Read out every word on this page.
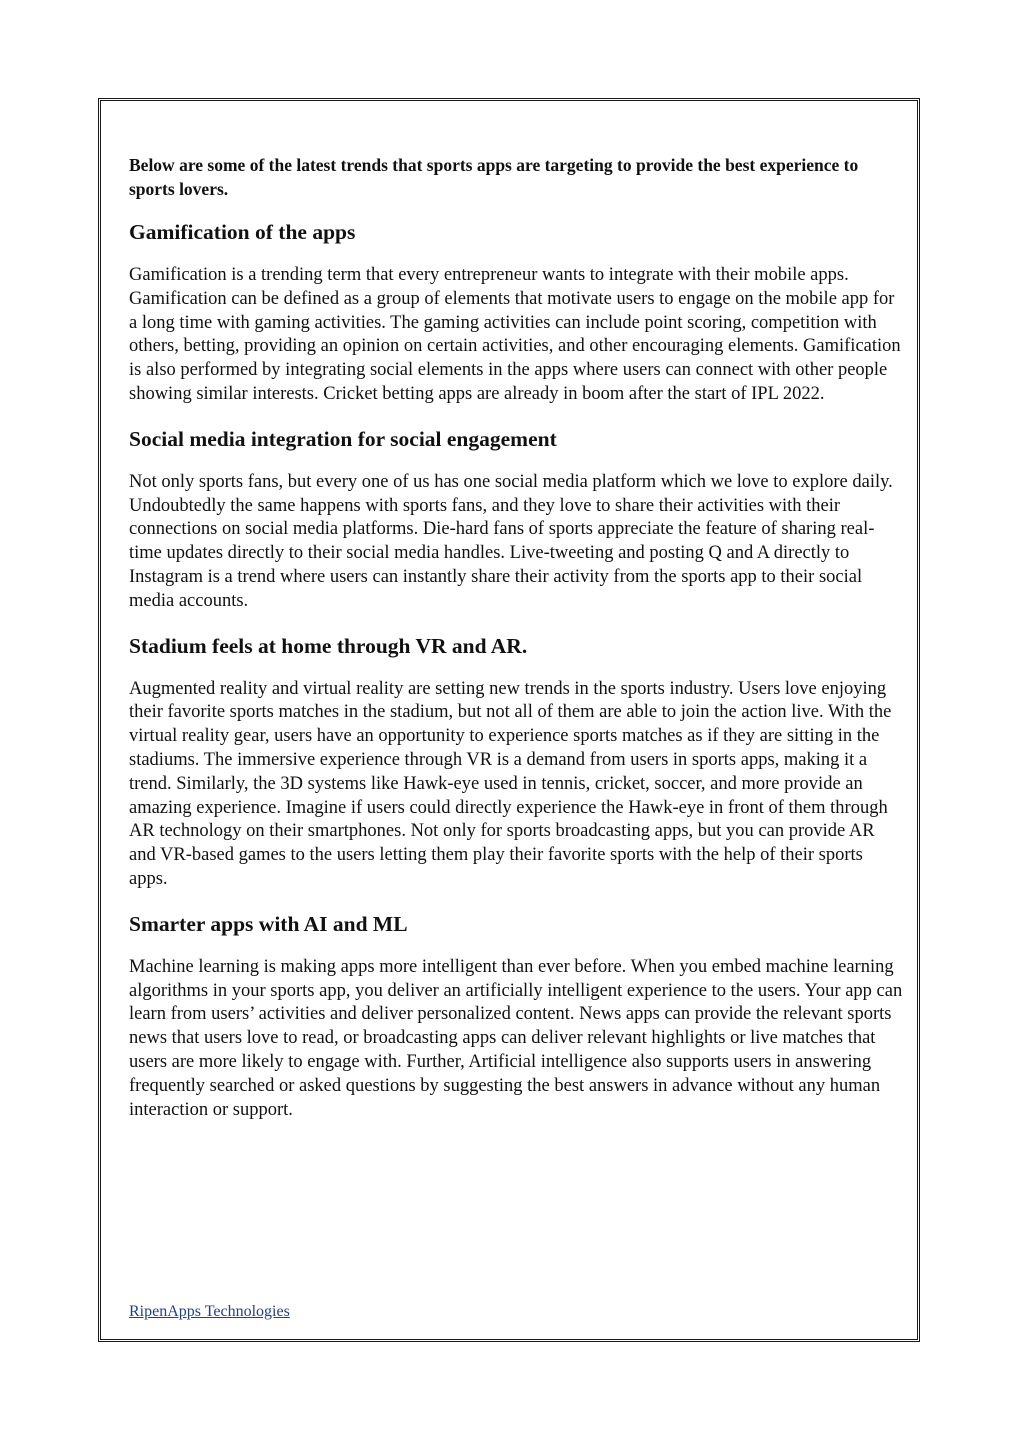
Below are some of the latest trends that sports apps are targeting to provide the best experience to sports lovers.

Gamification of the apps

Gamification is a trending term that every entrepreneur wants to integrate with their mobile apps. Gamification can be defined as a group of elements that motivate users to engage on the mobile app for a long time with gaming activities. The gaming activities can include point scoring, competition with others, betting, providing an opinion on certain activities, and other encouraging elements. Gamification is also performed by integrating social elements in the apps where users can connect with other people showing similar interests. Cricket betting apps are already in boom after the start of IPL 2022.

Social media integration for social engagement

Not only sports fans, but every one of us has one social media platform which we love to explore daily. Undoubtedly the same happens with sports fans, and they love to share their activities with their connections on social media platforms. Die-hard fans of sports appreciate the feature of sharing real-time updates directly to their social media handles. Live-tweeting and posting Q and A directly to Instagram is a trend where users can instantly share their activity from the sports app to their social media accounts.

Stadium feels at home through VR and AR.

Augmented reality and virtual reality are setting new trends in the sports industry. Users love enjoying their favorite sports matches in the stadium, but not all of them are able to join the action live. With the virtual reality gear, users have an opportunity to experience sports matches as if they are sitting in the stadiums. The immersive experience through VR is a demand from users in sports apps, making it a trend. Similarly, the 3D systems like Hawk-eye used in tennis, cricket, soccer, and more provide an amazing experience. Imagine if users could directly experience the Hawk-eye in front of them through AR technology on their smartphones. Not only for sports broadcasting apps, but you can provide AR and VR-based games to the users letting them play their favorite sports with the help of their sports apps.

Smarter apps with AI and ML

Machine learning is making apps more intelligent than ever before. When you embed machine learning algorithms in your sports app, you deliver an artificially intelligent experience to the users. Your app can learn from users’ activities and deliver personalized content. News apps can provide the relevant sports news that users love to read, or broadcasting apps can deliver relevant highlights or live matches that users are more likely to engage with. Further, Artificial intelligence also supports users in answering frequently searched or asked questions by suggesting the best answers in advance without any human interaction or support.

RipenApps Technologies
